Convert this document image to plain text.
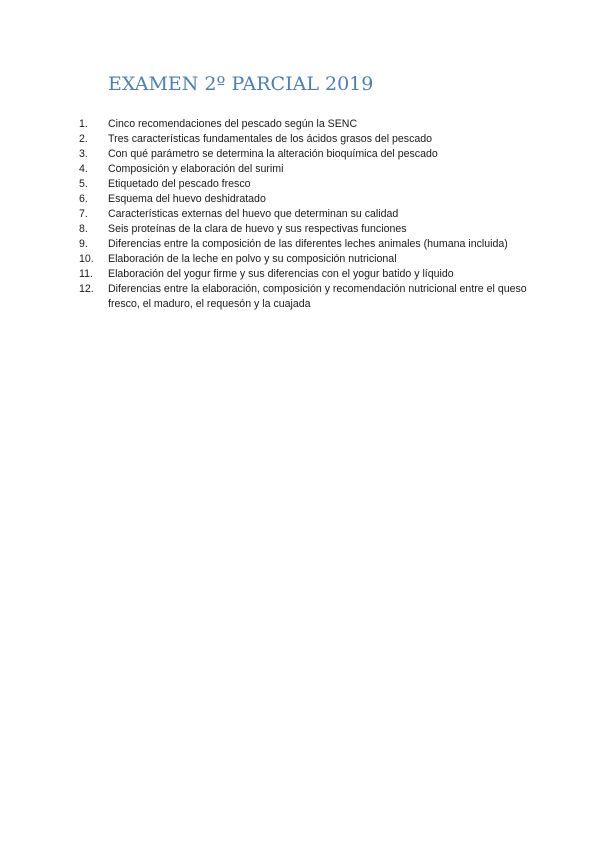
EXAMEN 2º PARCIAL 2019
1.	Cinco recomendaciones del pescado según la SENC
2.	Tres características fundamentales de los ácidos grasos del pescado
3.	Con qué parámetro se determina la alteración bioquímica del pescado
4.	Composición y elaboración del surimi
5.	Etiquetado del pescado fresco
6.	Esquema del huevo deshidratado
7.	Características externas del huevo que determinan su calidad
8.	Seis proteínas de la clara de huevo y sus respectivas funciones
9.	Diferencias entre la composición de las diferentes leches animales (humana incluida)
10.	Elaboración de la leche en polvo y su composición nutricional
11.	Elaboración del yogur firme y sus diferencias con el yogur batido y líquido
12.	Diferencias entre la elaboración, composición y recomendación nutricional entre el queso fresco, el maduro, el requesón y la cuajada
